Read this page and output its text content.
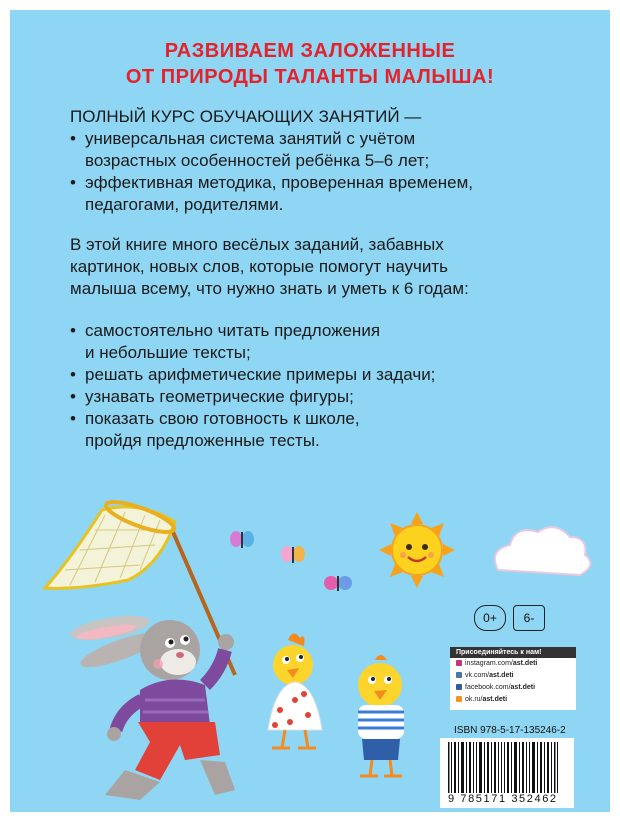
РАЗВИВАЕМ ЗАЛОЖЕННЫЕ
ОТ ПРИРОДЫ ТАЛАНТЫ МАЛЫША!

ПОЛНЫЙ КУРС ОБУЧАЮЩИХ ЗАНЯТИЙ —

• универсальная система занятий с учётом
возрастных особенностей ребёнка 5–6 лет;
• эффективная методика, проверенная временем,
педагогами, родителями.
В этой книге много весёлых заданий, забавных
картинок, новых слов, которые помогут научить
малыша всему, что нужно знать и уметь к 6 годам:
• самостоятельно читать предложения
и небольшие тексты;
• решать арифметические примеры и задачи;
• узнавать геометрические фигуры;
• показать свою готовность к школе,
пройдя предложенные тесты.
0+	6-
Присоединяйтесь к нам!
instagram.com/ast.deti
vk.com/ast.deti
facebook.com/ast.deti
ok.ru/ast.deti
ISBN 978-5-17-135246-2
9 785171 352462
